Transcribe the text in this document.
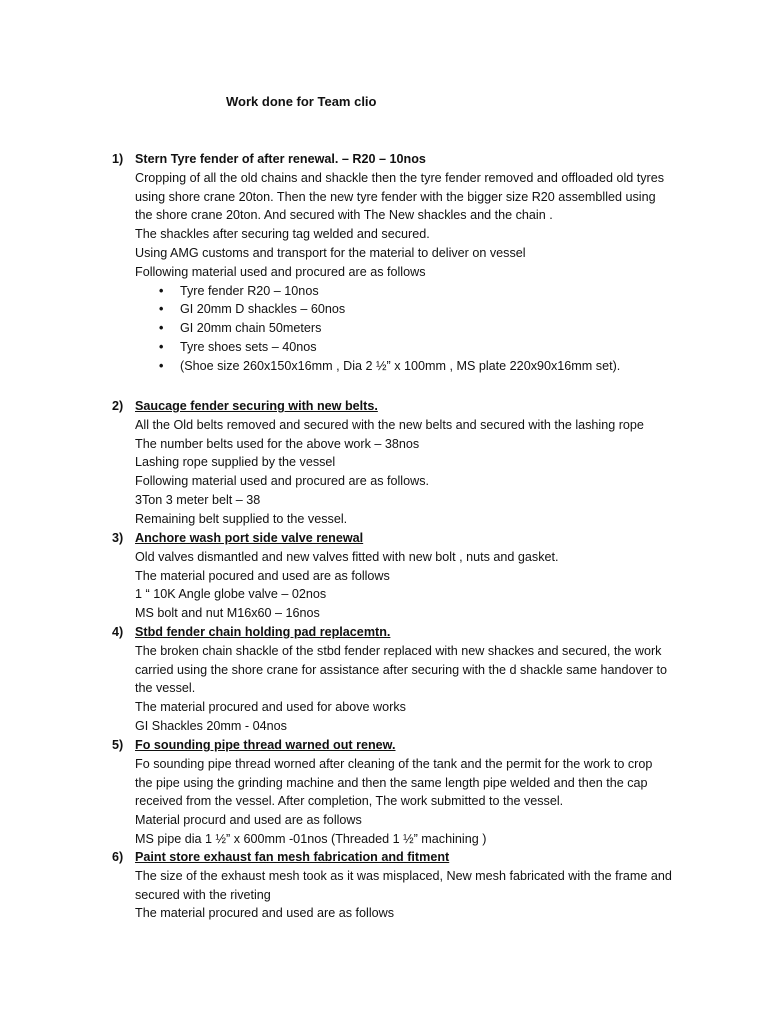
Work done for Team clio
1) Stern Tyre fender of after renewal. – R20 – 10nos
Cropping of all the old chains and shackle then the tyre fender removed and offloaded old tyres
using shore crane 20ton. Then the new tyre fender with the bigger size R20 assemblled using
the shore crane 20ton. And secured with The New shackles and the chain .
The shackles after securing tag welded and secured.
Using AMG customs and transport for the material to deliver on vessel
Following material used and procured are as follows
• Tyre fender R20 – 10nos
• GI 20mm D shackles – 60nos
• GI 20mm chain 50meters
• Tyre shoes sets – 40nos
• (Shoe size 260x150x16mm , Dia 2 ½” x 100mm , MS plate 220x90x16mm set).
2) Saucage fender securing with new belts.
All the Old belts removed and secured with the new belts and secured with the lashing rope
The number belts used for the above work – 38nos
Lashing rope supplied by the vessel
Following material used and procured are as follows.
3Ton 3 meter belt – 38
Remaining belt supplied to the vessel.
3) Anchore wash port side valve renewal
Old valves dismantled and new valves fitted with new bolt , nuts and gasket.
The material pocured and used are as follows
1 “ 10K Angle globe valve – 02nos
MS bolt and nut M16x60 – 16nos
4) Stbd fender chain holding pad replacemtn.
The broken chain shackle of the stbd fender replaced with new shackes and secured, the work
carried using the shore crane for assistance after securing with the d shackle same handover to
the vessel.
The material procured and used for above works
GI Shackles 20mm - 04nos
5) Fo sounding pipe thread warned out renew.
Fo sounding pipe thread worned after cleaning of the tank and the permit for the work to crop
the pipe using the grinding machine and then the same length pipe welded and then the cap
received from the vessel. After completion, The work submitted to the vessel.
Material procurd and used are as follows
MS pipe dia 1 ½” x 600mm -01nos (Threaded 1 ½” machining )
6) Paint store exhaust fan mesh fabrication and fitment
The size of the exhaust mesh took as it was misplaced, New mesh fabricated with the frame and
secured with the riveting
The material procured and used are as follows
